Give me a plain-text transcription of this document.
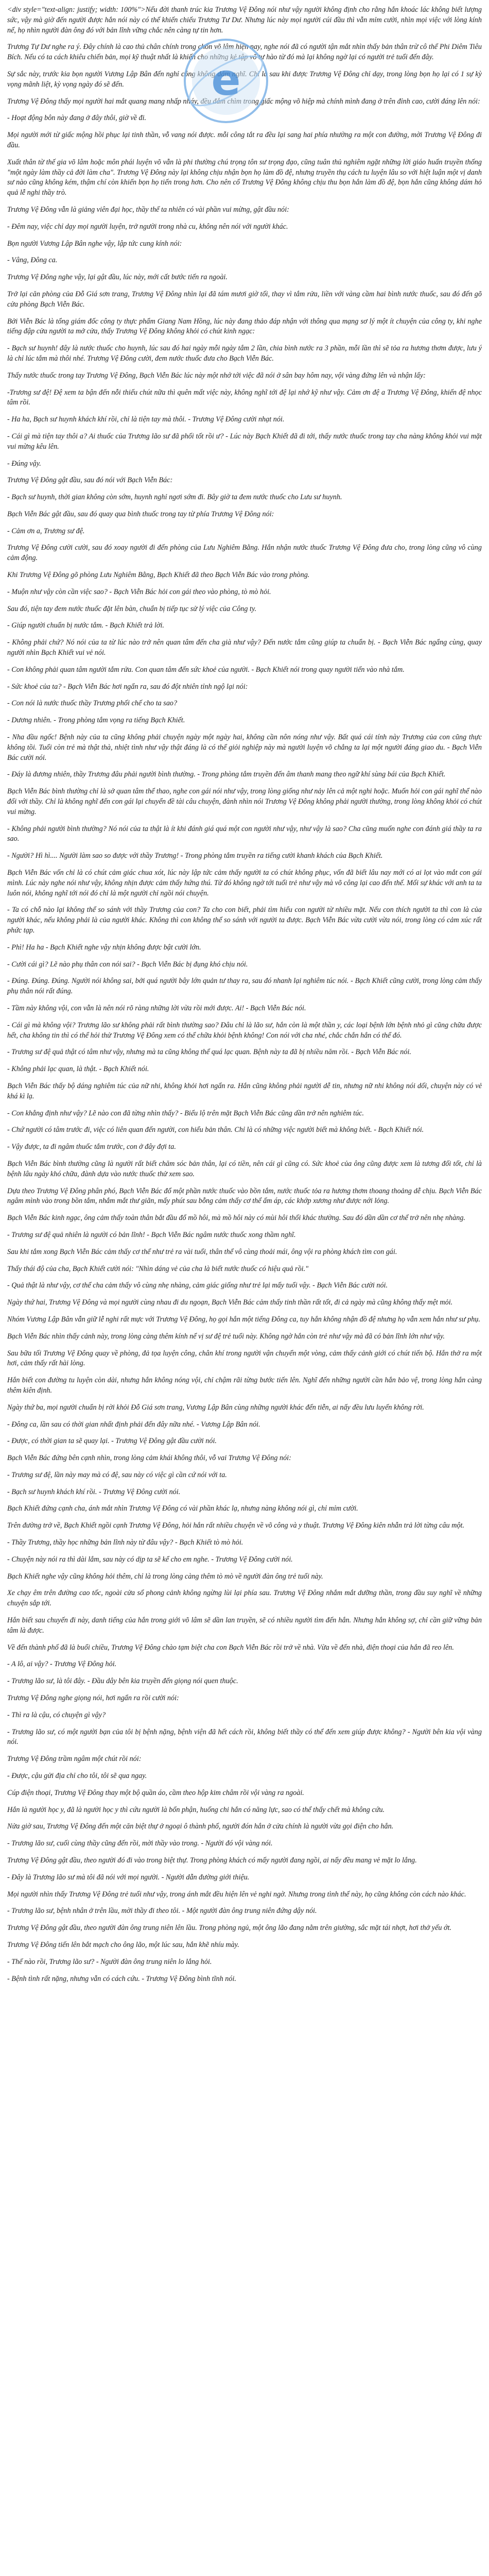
<div style="text-align: justify; width: 100%">Nếu đời thanh trúc kia Trương Vệ Đông nói như vậy người không định cho rằng hắn khoác lác không biết lượng sức, vậy mà giờ đến người được hắn nói này có thể khiến chiếu Trương Tư Dư. Nhưng lúc này mọi người cúi đầu thì vẫn mỉm cười, nhìn mọi việc với lòng kính nể, họ nhìn người đàn ông đó với bản lĩnh vững chắc nên càng tự tin hơn.

Trương Tự Dư nghe ra ý. Đây chính là cao thủ chân chính trong chốn võ lâm hiện nay, nghe nói đã có người tận mắt nhìn thấy bản thân trừ cô thể Phi Diêm Tiêu Bích. Nếu có ta cách khiêu chiến bản, mọi kỹ thuật nhất là khiến cho những kẻ tập võ tự hào từ đó mà lại không ngờ lại có người trẻ tuổi đến đây.

Sự sắc này, trước kia bọn người Vương Lập Bân đến nghỉ công không dám nghĩ. Chỉ là sau khi được Trương Vệ Đông chỉ dạy, trong lòng bọn họ lại có 1 sự kỳ vọng mãnh liệt, kỳ vọng ngày đó sẽ đến.

Trương Vệ Đông thấy mọi người hai mắt quang mang nhấp nháy, đều đắm chìm trong giấc mộng võ hiệp mà chính mình đang ở trên đỉnh cao, cười đáng lên nói:

- Hoạt động bôn này đang ở đây thôi, giờ về đi.

Mọi người mới từ giấc mộng hồi phục lại tinh thần, vỗ vang nói được. mỗi công tắt ra đều lại sang hai phía nhường ra một con đường, mời Trương Vệ Đông đi đầu.

Xuất thân từ thế gia võ lâm hoặc môn phái luyện võ vẫn là phi thường chú trọng tôn sư trọng đạo, cũng tuân thủ nghiêm ngặt những lời giáo huấn truyền thống "một ngày làm thầy cả đời làm cha". Trương Vệ Đông này lại không chịu nhận bọn họ làm đồ đệ, nhưng truyền thụ cách tu luyện lâu so với hiệt luận một vị danh sư nào cũng không kém, thậm chí còn khiến bọn họ tiến trong hơn. Cho nên cố Trương Vệ Đông không chịu thu bọn hắn làm đồ đệ, bọn hắn cũng không dám hỏ quả lễ nghi thầy trò.

Trương Vệ Đông vẫn là giảng viên đại học, thầy thế ta nhiên có vài phần vui mừng, gật đầu nói:

- Đêm nay, việc chỉ dạy mọi người luyện, trở người trong nhà cu, không nên nói với người khác.

Bọn người Vương Lập Bân nghe vậy, lập tức cung kính nói:

- Vâng, Đông ca.

Trương Vệ Đông nghe vậy, lại gật đầu, lúc này, mới cất bước tiến ra ngoài.

Trở lại căn phòng của Đỗ Giá sơn trang, Trương Vệ Đông nhìn lại đã tám mươi giờ tối, thay vì tắm rửa, liền với vàng cầm hai bình nước thuốc, sau đó đến gõ cửa phòng Bạch Viễn Bác.

Bởi Viễn Bác là tổng giám đốc công ty thực phẩm Giang Nam Hồng, lúc này đang thảo đáp nhận với thông qua mạng sơ lý một ít chuyện của công ty, khi nghe tiếng đập cửa người ta mở cửa, thấy Trương Vệ Đông không khỏi có chút kinh ngạc:

- Bạch sư huynh! đây là nước thuốc cho huynh, lúc sau đó hai ngày mỗi ngày tắm 2 lần, chia bình nước ra 3 phần, mỗi lần thì sẽ tỏa ra hương thơm được, lưu ý là chỉ lúc tắm mà thôi nhé. Trương Vệ Đông cười, đem nước thuốc đưa cho Bạch Viễn Bác.

Thấy nước thuốc trong tay Trương Vệ Đông, Bạch Viễn Bác lúc này một nhớ tới việc đã nói ở sân bay hôm nay, vội vàng đứng lên và nhận lấy:

-Trương sư đệ! Đệ xem ta bận đến nỗi thiếu chút nữa thì quên mất việc này, không nghĩ tới đệ lại nhớ kỹ như vậy. Cảm ơn đệ a Trương Vệ Đông, khiến đệ nhọc tâm rồi.

- Ha ha, Bạch sư huynh khách khí rồi, chỉ là tiện tay mà thôi. - Trương Vệ Đông cười nhạt nói.

- Cái gì mà tiện tay thôi a? Ai thuốc của Trương lão sư đã phối tốt rồi ư? - Lúc này Bạch Khiết đã đi tới, thấy nước thuốc trong tay cha nàng không khỏi vui mặt vui mừng kêu lên.

- Đúng vậy.

Trương Vệ Đông gật đầu, sau đó nói với Bạch Viễn Bác:

- Bạch sư huynh, thời gian không còn sớm, huynh nghỉ ngơi sớm đi. Bây giờ ta đem nước thuốc cho Lưu sư huynh.

Bạch Viễn Bác gật đầu, sau đó quay qua bình thuốc trong tay từ phía Trương Vệ Đông nói:

- Cảm ơn a, Trương sư đệ.

Trương Vệ Đông cười cười, sau đó xoay người đi đến phòng của Lưu Nghiêm Bằng. Hắn nhận nước thuốc Trương Vệ Đông đưa cho, trong lòng cũng vô cùng cảm động.

Khi Trương Vệ Đông gõ phòng Lưu Nghiêm Bằng, Bạch Khiết đã theo Bạch Viễn Bác vào trong phòng.

- Muộn như vậy còn cần việc sao? - Bạch Viễn Bác hỏi con gái theo vào phòng, tò mò hỏi.

Sau đó, tiện tay đem nước thuốc đặt lên bàn, chuẩn bị tiếp tục sử lý việc của Công ty.

- Giúp người chuẩn bị nước tắm. - Bạch Khiết trả lời.

- Không phải chứ? Nó nói của ta từ lúc nào trở nên quan tâm đến cha già như vậy? Đến nước tắm cũng giúp ta chuẩn bị. - Bạch Viễn Bác ngẩng cùng, quay người nhìn Bạch Khiết vui vẻ nói.

- Con không phải quan tâm người tắm rửa. Con quan tâm đến sức khoẻ của người. - Bạch Khiết nói trong quay người tiến vào nhà tắm.

- Sức khoẻ của ta? - Bạch Viễn Bác hơi ngẩn ra, sau đó đột nhiên tỉnh ngộ lại nói:

- Con nói là nước thuốc thầy Trương phối chế cho ta sao?

- Dương nhiên. - Trong phòng tắm vọng ra tiếng Bạch Khiết.

- Nha đầu ngốc! Bệnh này của ta cũng không phải chuyện ngày một ngày hai, không cần nôn nóng như vậy. Bất quá cái tính này Trương của con cũng thực không tồi. Tuổi còn trẻ mà thật thà, nhiệt tình như vậy thật đáng là có thể giỏi nghiệp này mà người luyện võ chẳng ta lại một người đáng giao du. - Bạch Viễn Bác cười nói.

- Đáy là đương nhiên, thầy Trương đâu phải người bình thường. - Trong phòng tắm truyền đến âm thanh mang theo ngữ khí sùng bái của Bạch Khiết.

Bạch Viễn Bác bình thường chỉ là sở quan tâm thể thao, nghe con gái nói như vậy, trong lòng giống như nảy lên cả một nghi hoặc. Muốn hỏi con gái nghĩ thể nào đối với thầy. Chỉ là không nghĩ đến con gái lại chuyển đề tài câu chuyện, đành nhìn nói Trương Vệ Đông không phải người thường, trong lòng không khỏi có chút vui mừng.

- Không phải người bình thường? Nó nói của ta thật là ít khi đánh giá quá một con người như vậy, như vậy là sao? Cha cũng muốn nghe con đánh giá thầy ta ra sao.

- Người? Hì hì.... Người làm sao so được với thầy Trương! - Trong phòng tắm truyền ra tiếng cười khanh khách của Bạch Khiết.

Bạch Viễn Bác vốn chỉ là có chút cảm giác chua xót, lúc này lập tức cảm thấy người ta có chút không phục, vốn đã biết lâu nay mới có ai lọt vào mắt con gái mình. Lúc này nghe nói như vậy, không nhịn được cảm thấy hứng thú. Từ đó không ngờ tới tuổi trẻ như vậy mà võ công lại cao đến thế. Mối sự khác với anh ta ta luôn nói, không nghĩ tới nói đó chỉ là một người chỉ ngồi nói chuyện.

- Ta có chỗ nào lại không thể so sánh với thầy Trương của con? Ta cho con biết, phải tìm hiểu con người từ nhiều mặt. Nếu con thích người ta thì con là của người khác, nếu không phải là của người khác. Không thì con không thể so sánh với người ta được. Bạch Viễn Bác vừa cười vừa nói, trong lòng có cảm xúc rất phức tạp.

- Phì! Ha ha - Bạch Khiết nghe vậy nhịn không được bật cười lớn.

- Cười cái gì? Lẽ nào phụ thân con nói sai? - Bạch Viễn Bác bị đụng khó chịu nói.

- Đúng. Đúng. Đúng. Người nói không sai, bởi quá người bây lớn quản tư thay ra, sau đó nhanh lại nghiêm túc nói. - Bạch Khiết cũng cười, trong lòng cảm thấy phụ thân nói rất đúng.

- Tầm này không vội, con vẫn là nên nói rõ ràng những lời vừa rồi mới được. Ai! - Bạch Viễn Bác nói.

- Cái gì mà không vội? Trương lão sư không phải rất bình thường sao? Đâu chỉ là lão sư, hắn còn là một thần y, các loại bệnh lớn bệnh nhỏ gì cũng chữa được hết, cha không tin thì có thể hỏi thử Trương Vệ Đông xem có thể chữa khỏi bệnh không! Con nói với cha nhé, chắc chắn hắn có thể đó.

- Trương sư đệ quả thật có tâm như vậy, nhưng mà ta cũng không thể quá lạc quan. Bệnh này ta đã bị nhiều năm rồi. - Bạch Viễn Bác nói.

- Không phải lạc quan, là thật. - Bạch Khiết nói.

Bạch Viễn Bác thấy bộ dáng nghiêm túc của nữ nhi, không khỏi hơi ngẩn ra. Hắn cũng không phải người dễ tin, nhưng nữ nhi không nói dối, chuyện này có vẻ khá kì lạ.

- Con khẳng định như vậy? Lẽ nào con đã từng nhìn thấy? - Biểu lộ trên mặt Bạch Viễn Bác cũng dần trở nên nghiêm túc.

- Chứ người có tâm trước đi, việc có liên quan đến người, con hiểu bản thân. Chỉ là có những việc người biết mà không biết. - Bạch Khiết nói.

- Vậy được, ta đi ngâm thuốc tắm trước, con ở đây đợi ta.

Bạch Viễn Bác bình thường cũng là người rất biết chăm sóc bản thân, lại có tiền, nên cái gì cũng có. Sức khoẻ của ông cũng được xem là tương đối tốt, chỉ là bệnh lâu ngày khó chữa, đành dựa vào nước thuốc thử xem sao.

Dựa theo Trương Vệ Đông phân phó, Bạch Viễn Bác đổ một phần nước thuốc vào bồn tắm, nước thuốc tỏa ra hương thơm thoang thoảng dễ chịu. Bạch Viễn Bác ngâm mình vào trong bồn tắm, nhắm mắt thư giãn, mấy phút sau bỗng cảm thấy cơ thể ấm áp, các khớp xương như được nới lỏng.

Bạch Viễn Bác kinh ngạc, ông cảm thấy toàn thân bắt đầu đổ mồ hôi, mà mồ hôi này có mùi hôi thối khác thường. Sau đó dần dần cơ thể trở nên nhẹ nhàng.

- Trương sư đệ quả nhiên là người có bản lĩnh! - Bạch Viễn Bác ngâm nước thuốc xong thầm nghĩ.

Sau khi tắm xong Bạch Viễn Bác cảm thấy cơ thể như trẻ ra vài tuổi, thân thể vô cùng thoải mái, ông vội ra phòng khách tìm con gái.

Thấy thái độ của cha, Bạch Khiết cười nói: "Nhìn dáng vẻ của cha là biết nước thuốc có hiệu quả rồi."

- Quả thật là như vậy, cơ thể cha cảm thấy vô cùng nhẹ nhàng, cảm giác giống như trẻ lại mấy tuổi vậy. - Bạch Viễn Bác cười nói.

Ngày thứ hai, Trương Vệ Đông và mọi người cùng nhau đi du ngoạn, Bạch Viễn Bác cảm thấy tinh thần rất tốt, đi cả ngày mà cũng không thấy mệt mỏi.

Nhóm Vương Lập Bân vẫn giữ lễ nghi rất mực với Trương Vệ Đông, họ gọi hắn một tiếng Đông ca, tuy hắn không nhận đồ đệ nhưng họ vẫn xem hắn như sư phụ.

Bạch Viễn Bác nhìn thấy cảnh này, trong lòng càng thêm kính nể vị sư đệ trẻ tuổi này. Không ngờ hắn còn trẻ như vậy mà đã có bản lĩnh lớn như vậy.

Sau bữa tối Trương Vệ Đông quay về phòng, đả tọa luyện công, chân khí trong người vận chuyển một vòng, cảm thấy cảnh giới có chút tiến bộ. Hắn thở ra một hơi, cảm thấy rất hài lòng.

Hắn biết con đường tu luyện còn dài, nhưng hắn không nóng vội, chỉ chậm rãi từng bước tiến lên. Nghĩ đến những người cần hắn bảo vệ, trong lòng hắn càng thêm kiên định.

Ngày thứ ba, mọi người chuẩn bị rời khỏi Đỗ Giá sơn trang, Vương Lập Bân cùng những người khác đến tiễn, ai nấy đều lưu luyến không rời.

- Đông ca, lần sau có thời gian nhất định phải đến đây nữa nhé. - Vương Lập Bân nói.

- Được, có thời gian ta sẽ quay lại. - Trương Vệ Đông gật đầu cười nói.

Bạch Viễn Bác đứng bên cạnh nhìn, trong lòng cảm khái không thôi, vỗ vai Trương Vệ Đông nói:

- Trương sư đệ, lần này may mà có đệ, sau này có việc gì cần cứ nói với ta.

- Bạch sư huynh khách khí rồi. - Trương Vệ Đông cười nói.

Bạch Khiết đứng cạnh cha, ánh mắt nhìn Trương Vệ Đông có vài phần khác lạ, nhưng nàng không nói gì, chỉ mỉm cười.

Trên đường trở về, Bạch Khiết ngồi cạnh Trương Vệ Đông, hỏi hắn rất nhiều chuyện về võ công và y thuật. Trương Vệ Đông kiên nhẫn trả lời từng câu một.

- Thầy Trương, thầy học những bản lĩnh này từ đâu vậy? - Bạch Khiết tò mò hỏi.

- Chuyện này nói ra thì dài lắm, sau này có dịp ta sẽ kể cho em nghe. - Trương Vệ Đông cười nói.

Bạch Khiết nghe vậy cũng không hỏi thêm, chỉ là trong lòng càng thêm tò mò về người đàn ông trẻ tuổi này.

Xe chạy êm trên đường cao tốc, ngoài cửa sổ phong cảnh không ngừng lùi lại phía sau. Trương Vệ Đông nhắm mắt dưỡng thần, trong đầu suy nghĩ về những chuyện sắp tới.

Hắn biết sau chuyến đi này, danh tiếng của hắn trong giới võ lâm sẽ dần lan truyền, sẽ có nhiều người tìm đến hắn. Nhưng hắn không sợ, chỉ cần giữ vững bản tâm là được.

Về đến thành phố đã là buổi chiều, Trương Vệ Đông chào tạm biệt cha con Bạch Viễn Bác rồi trở về nhà. Vừa về đến nhà, điện thoại của hắn đã reo lên.

- A lô, ai vậy? - Trương Vệ Đông hỏi.

- Trương lão sư, là tôi đây. - Đầu dây bên kia truyền đến giọng nói quen thuộc.

Trương Vệ Đông nghe giọng nói, hơi ngẩn ra rồi cười nói:

- Thì ra là cậu, có chuyện gì vậy?

- Trương lão sư, có một người bạn của tôi bị bệnh nặng, bệnh viện đã hết cách rồi, không biết thầy có thể đến xem giúp được không? - Người bên kia vội vàng nói.

Trương Vệ Đông trầm ngâm một chút rồi nói:

- Được, cậu gửi địa chỉ cho tôi, tôi sẽ qua ngay.

Cúp điện thoại, Trương Vệ Đông thay một bộ quần áo, cầm theo hộp kim châm rồi vội vàng ra ngoài.

Hắn là người học y, đã là người học y thì cứu người là bổn phận, huống chi hắn có năng lực, sao có thể thấy chết mà không cứu.

Nửa giờ sau, Trương Vệ Đông đến một căn biệt thự ở ngoại ô thành phố, người đón hắn ở cửa chính là người vừa gọi điện cho hắn.

- Trương lão sư, cuối cùng thầy cũng đến rồi, mời thầy vào trong. - Người đó vội vàng nói.

Trương Vệ Đông gật đầu, theo người đó đi vào trong biệt thự. Trong phòng khách có mấy người đang ngồi, ai nấy đều mang vẻ mặt lo lắng.

- Đây là Trương lão sư mà tôi đã nói với mọi người. - Người dẫn đường giới thiệu.

Mọi người nhìn thấy Trương Vệ Đông trẻ tuổi như vậy, trong ánh mắt đều hiện lên vẻ nghi ngờ. Nhưng trong tình thế này, họ cũng không còn cách nào khác.

- Trương lão sư, bệnh nhân ở trên lầu, mời thầy đi theo tôi. - Một người đàn ông trung niên đứng dậy nói.

Trương Vệ Đông gật đầu, theo người đàn ông trung niên lên lầu. Trong phòng ngủ, một ông lão đang nằm trên giường, sắc mặt tái nhợt, hơi thở yếu ớt.

Trương Vệ Đông tiến lên bắt mạch cho ông lão, một lúc sau, hắn khẽ nhíu mày.

- Thế nào rồi, Trương lão sư? - Người đàn ông trung niên lo lắng hỏi.

- Bệnh tình rất nặng, nhưng vẫn có cách cứu. - Trương Vệ Đông bình tĩnh nói.

e
